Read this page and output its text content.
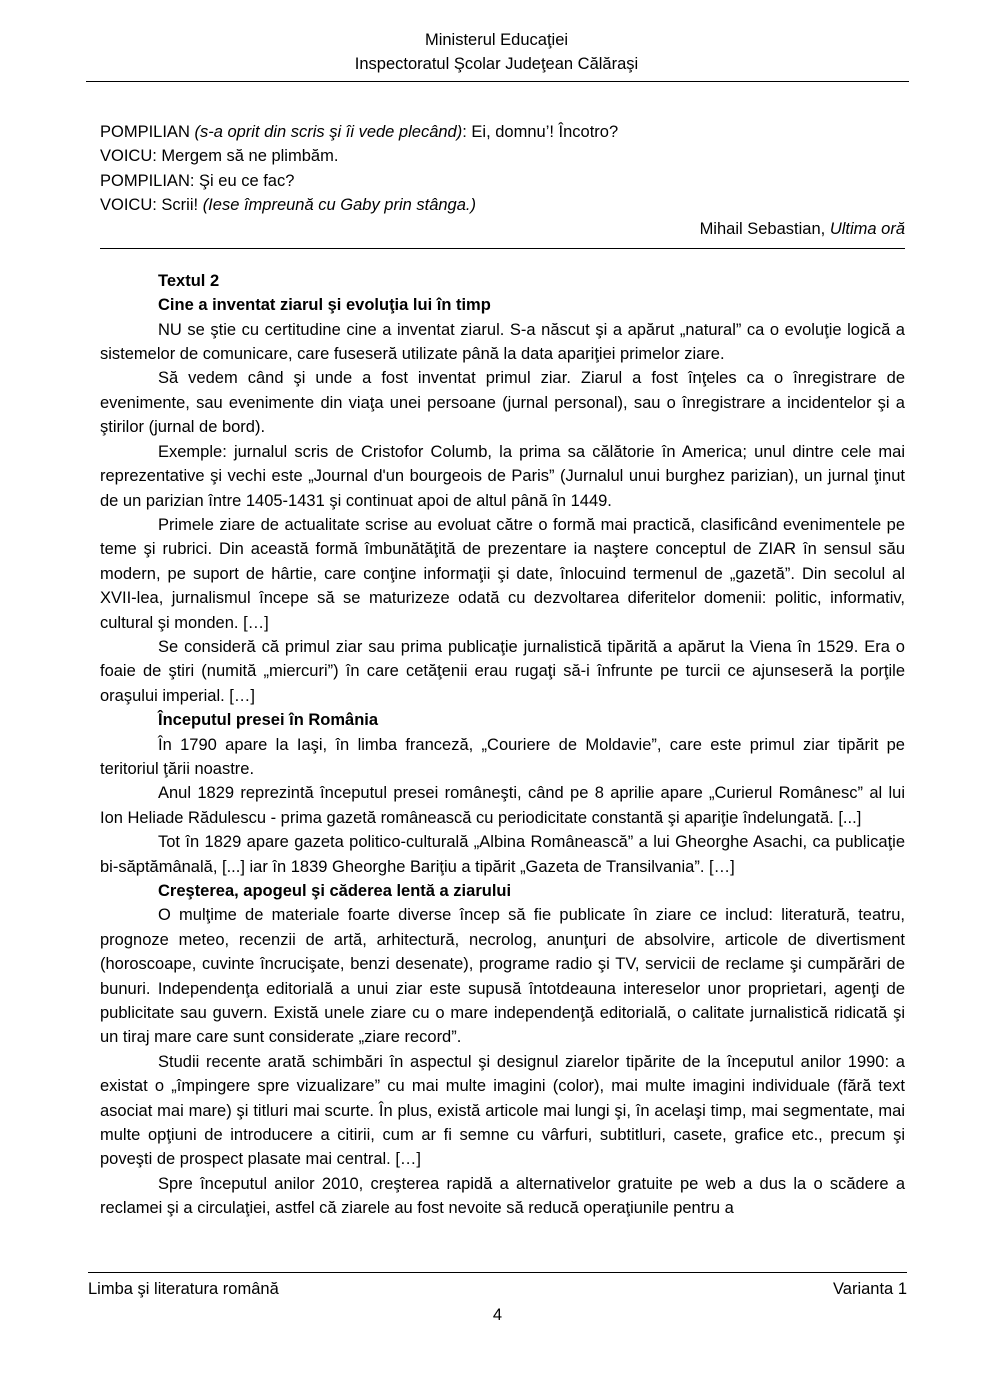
Ministerul Educaţiei
Inspectoratul Şcolar Judeţean Călăraşi

POMPILIAN (s-a oprit din scris şi îi vede plecând): Ei, domnu’! Încotro?

VOICU: Mergem să ne plimbăm.

POMPILIAN: Şi eu ce fac?

VOICU: Scrii! (Iese împreună cu Gaby prin stânga.)

Mihail Sebastian, Ultima oră

Textul 2

Cine a inventat ziarul şi evoluţia lui în timp

NU se ştie cu certitudine cine a inventat ziarul. S-a născut şi a apărut „natural” ca o evoluţie logică a sistemelor de comunicare, care fuseseră utilizate până la data apariţiei primelor ziare.

Să vedem când şi unde a fost inventat primul ziar. Ziarul a fost înţeles ca o înregistrare de evenimente, sau evenimente din viaţa unei persoane (jurnal personal), sau o înregistrare a incidentelor şi a ştirilor (jurnal de bord).

Exemple: jurnalul scris de Cristofor Columb, la prima sa călătorie în America; unul dintre cele mai reprezentative şi vechi este „Journal d'un bourgeois de Paris” (Jurnalul unui burghez parizian), un jurnal ţinut de un parizian între 1405-1431 şi continuat apoi de altul până în 1449.

Primele ziare de actualitate scrise au evoluat către o formă mai practică, clasificând evenimentele pe teme şi rubrici. Din această formă îmbunătăţită de prezentare ia naştere conceptul de ZIAR în sensul său modern, pe suport de hârtie, care conţine informaţii şi date, înlocuind termenul de „gazetă”. Din secolul al XVII-lea, jurnalismul începe să se maturizeze odată cu dezvoltarea diferitelor domenii: politic, informativ, cultural şi monden. […]

Se consideră că primul ziar sau prima publicaţie jurnalistică tipărită a apărut la Viena în 1529. Era o foaie de ştiri (numită „miercuri”) în care cetăţenii erau rugaţi să-i înfrunte pe turcii ce ajunseseră la porţile oraşului imperial. […]

Începutul presei în România

În 1790 apare la Iaşi, în limba franceză, „Couriere de Moldavie”, care este primul ziar tipărit pe teritoriul ţării noastre.

Anul 1829 reprezintă începutul presei româneşti, când pe 8 aprilie apare „Curierul Românesc” al lui Ion Heliade Rădulescu - prima gazetă românească cu periodicitate constantă şi apariţie îndelungată. [...]

Tot în 1829 apare gazeta politico-culturală „Albina Românească” a lui Gheorghe Asachi, ca publicaţie bi-săptămânală, [...] iar în 1839 Gheorghe Bariţiu a tipărit „Gazeta de Transilvania”. […]

Creşterea, apogeul şi căderea lentă a ziarului

O mulţime de materiale foarte diverse încep să fie publicate în ziare ce includ: literatură, teatru, prognoze meteo, recenzii de artă, arhitectură, necrolog, anunţuri de absolvire, articole de divertisment (horoscoape, cuvinte încrucişate, benzi desenate), programe radio şi TV, servicii de reclame şi cumpărări de bunuri. Independenţa editorială a unui ziar este supusă întotdeauna intereselor unor proprietari, agenţi de publicitate sau guvern. Există unele ziare cu o mare independenţă editorială, o calitate jurnalistică ridicată şi un tiraj mare care sunt considerate „ziare record”.

Studii recente arată schimbări în aspectul şi designul ziarelor tipărite de la începutul anilor 1990: a existat o „împingere spre vizualizare” cu mai multe imagini (color), mai multe imagini individuale (fără text asociat mai mare) şi titluri mai scurte. În plus, există articole mai lungi şi, în acelaşi timp, mai segmentate, mai multe opţiuni de introducere a citirii, cum ar fi semne cu vârfuri, subtitluri, casete, grafice etc., precum şi poveşti de prospect plasate mai central. […]

Spre începutul anilor 2010, creşterea rapidă a alternativelor gratuite pe web a dus la o scădere a reclamei şi a circulaţiei, astfel că ziarele au fost nevoite să reducă operaţiunile pentru a

Limba şi literatura română	Varianta 1
4
